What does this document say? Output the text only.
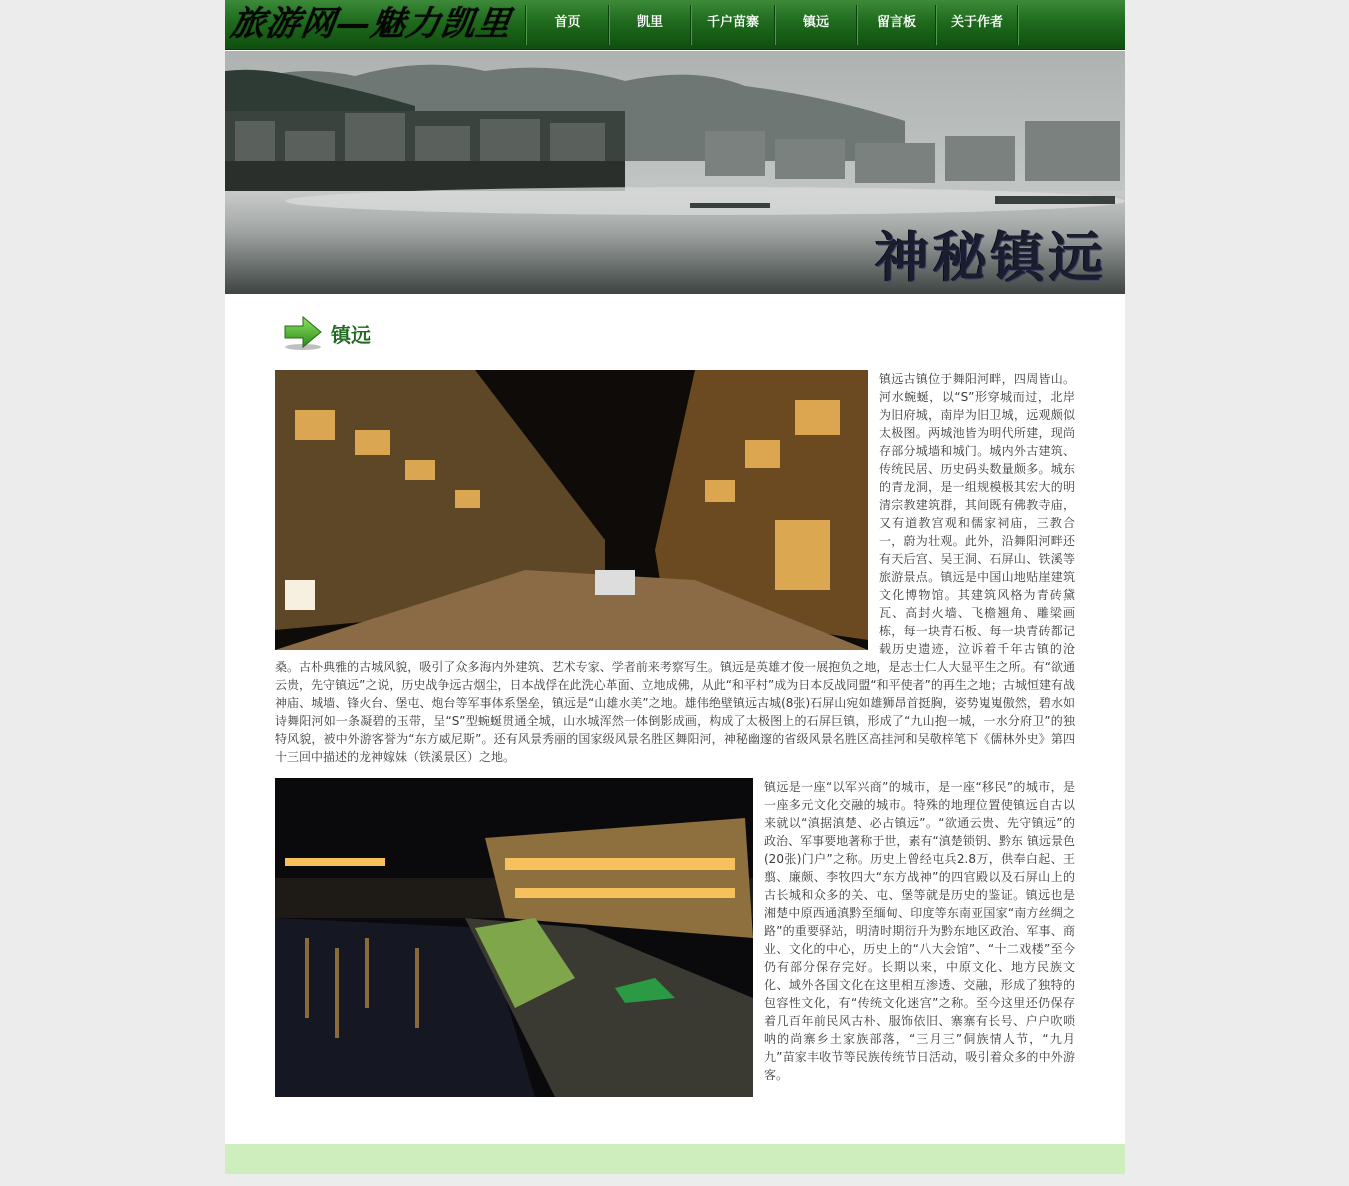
旅游网—魅力凯里	首页	凯里	千户苗寨	镇远	留言板	关于作者
神秘镇远
镇远

镇远古镇位于舞阳河畔，四周皆山。河水蜿蜒，以“S”形穿城而过，北岸为旧府城，南岸为旧卫城，远观颇似太极图。两城池皆为明代所建，现尚存部分城墙和城门。城内外古建筑、传统民居、历史码头数量颇多。城东的青龙洞，是一组规模极其宏大的明清宗教建筑群，其间既有佛教寺庙，又有道教宫观和儒家祠庙，三教合一，蔚为壮观。此外，沿舞阳河畔还有天后宫、吴王洞、石屏山、铁溪等旅游景点。镇远是中国山地贴崖建筑文化博物馆。其建筑风格为青砖黛瓦、高封火墙、飞檐翘角、雕梁画栋，每一块青石板、每一块青砖都记载历史遗迹，泣诉着千年古镇的沧桑。古朴典雅的古城风貌，吸引了众多海内外建筑、艺术专家、学者前来考察写生。镇远是英雄才俊一展抱负之地，是志士仁人大显平生之所。有“欲通云贵，先守镇远”之说，历史战争远古烟尘，日本战俘在此洗心革面、立地成佛，从此“和平村”成为日本反战同盟“和平使者”的再生之地；古城恒建有战神庙、城墙、锋火台、堡屯、炮台等军事体系堡垒，镇远是“山雄水美”之地。雄伟绝壁镇远古城(8张)石屏山宛如雄狮昂首挺胸，姿势嵬嵬傲然，碧水如诗舞阳河如一条凝碧的玉带，呈“S”型蜿蜒贯通全城，山水城浑然一体倒影成画，构成了太极图上的石屏巨镇，形成了“九山抱一城，一水分府卫”的独特风貌，被中外游客誉为“东方威尼斯”。还有风景秀丽的国家级风景名胜区舞阳河，神秘幽邃的省级风景名胜区高挂河和吴敬梓笔下《儒林外史》第四十三回中描述的龙神嫁妹（铁溪景区）之地。

镇远是一座“以军兴商”的城市，是一座“移民”的城市，是一座多元文化交融的城市。特殊的地理位置使镇远自古以来就以“滇据滇楚、必占镇远”。“欲通云贵、先守镇远”的政治、军事要地著称于世，素有“滇楚锁钥、黔东 镇远景色(20张)门户”之称。历史上曾经屯兵2.8万，供奉白起、王翦、廉颇、李牧四大“东方战神”的四官殿以及石屏山上的古长城和众多的关、屯、堡等就是历史的鉴证。镇远也是湘楚中原西通滇黔至缅甸、印度等东南亚国家“南方丝绸之路”的重要驿站，明清时期衍升为黔东地区政治、军事、商业、文化的中心，历史上的“八大会馆”、“十二戏楼”至今仍有部分保存完好。长期以来，中原文化、地方民族文化、域外各国文化在这里相互渗透、交融，形成了独特的包容性文化，有“传统文化迷宫”之称。至今这里还仍保存着几百年前民风古朴、服饰依旧、寨寨有长号、户户吹唢呐的尚寨乡土家族部落，“三月三”侗族情人节，“九月九”苗家丰收节等民族传统节日活动，吸引着众多的中外游客。
